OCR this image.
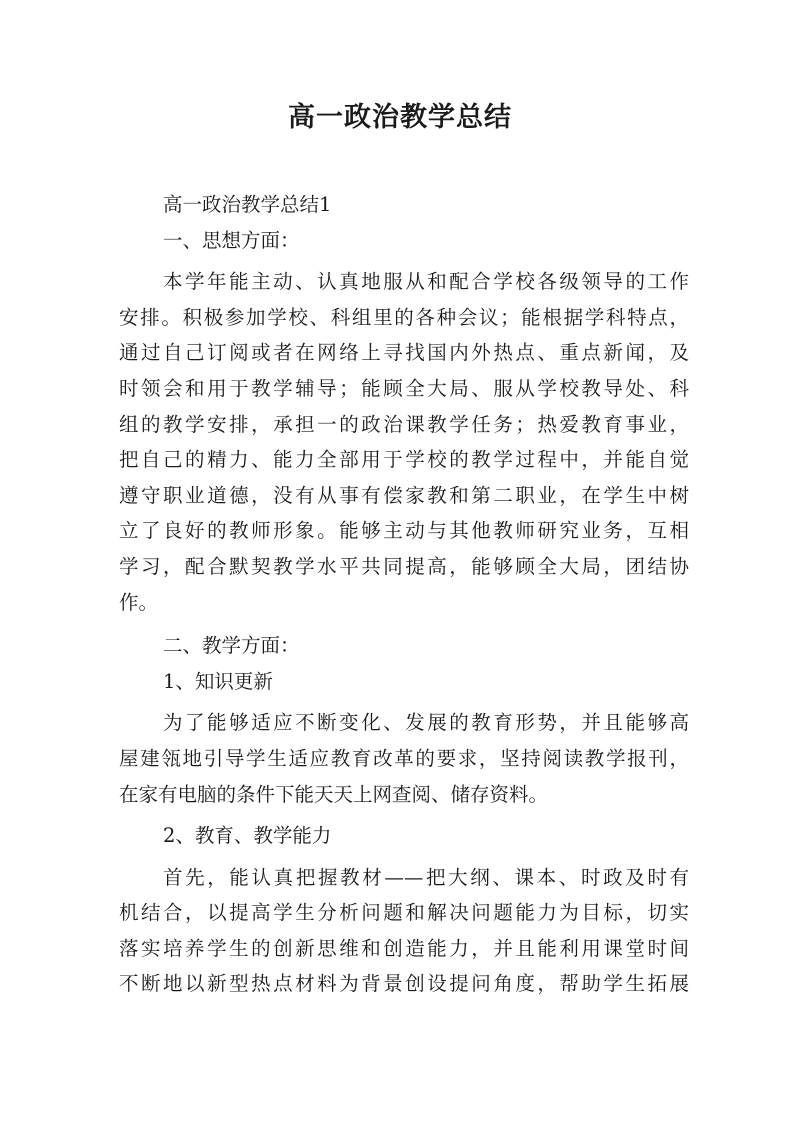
高一政治教学总结
高一政治教学总结1
一、思想方面：
本学年能主动、认真地服从和配合学校各级领导的工作
安排。积极参加学校、科组里的各种会议；能根据学科特点，
通过自己订阅或者在网络上寻找国内外热点、重点新闻，及
时领会和用于教学辅导；能顾全大局、服从学校教导处、科
组的教学安排，承担一的政治课教学任务；热爱教育事业，
把自己的精力、能力全部用于学校的教学过程中，并能自觉
遵守职业道德，没有从事有偿家教和第二职业，在学生中树
立了良好的教师形象。能够主动与其他教师研究业务，互相
学习，配合默契教学水平共同提高，能够顾全大局，团结协
作。
二、教学方面：
1、知识更新
为了能够适应不断变化、发展的教育形势，并且能够高
屋建瓴地引导学生适应教育改革的要求，坚持阅读教学报刊，
在家有电脑的条件下能天天上网查阅、储存资料。
2、教育、教学能力
首先，能认真把握教材——把大纲、课本、时政及时有
机结合，以提高学生分析问题和解决问题能力为目标，切实
落实培养学生的创新思维和创造能力，并且能利用课堂时间
不断地以新型热点材料为背景创设提问角度，帮助学生拓展
